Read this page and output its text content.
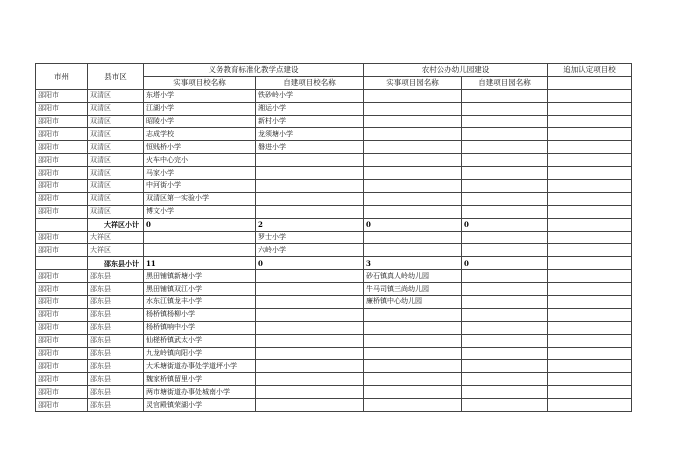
市州	县市区	义务教育标准化教学点建设		农村公办幼儿园建设		追加认定项目校
		实事项目校名称	自建项目校名称	实事项目园名称	自建项目园名称	
邵阳市	双清区	东塔小学	铁砂岭小学			
邵阳市	双清区	江湖小学	湘运小学			
邵阳市	双清区	昭陵小学	新村小学			
邵阳市	双清区	志成学校	龙须塘小学			
邵阳市	双清区	恒贱桥小学	磐进小学			
邵阳市	双清区	火车中心完小				
邵阳市	双清区	马家小学				
邵阳市	双清区	中河街小学				
邵阳市	双清区	双清区第一实验小学				
邵阳市	双清区	博文小学				
	大祥区小计	0	2	0	0	
邵阳市	大祥区		罗士小学			
邵阳市	大祥区		六岭小学			
	邵东县小计	11	0	3	0	
邵阳市	邵东县	黑田铺镇新塘小学		砂石镇真人岭幼儿园		
邵阳市	邵东县	黑田铺镇双江小学		牛马司镇三尚幼儿园		
邵阳市	邵东县	水东江镇龙丰小学		廉桥镇中心幼儿园		
邵阳市	邵东县	杨桥镇杨柳小学				
邵阳市	邵东县	杨桥镇响中小学				
邵阳市	邵东县	仙槎桥镇武太小学				
邵阳市	邵东县	九龙岭镇向阳小学				
邵阳市	邵东县	大禾塘街道办事处学道坪小学				
邵阳市	邵东县	魏家桥镇留里小学				
邵阳市	邵东县	两市塘街道办事处城南小学				
邵阳市	邵东县	灵官殿镇荣湖小学				
